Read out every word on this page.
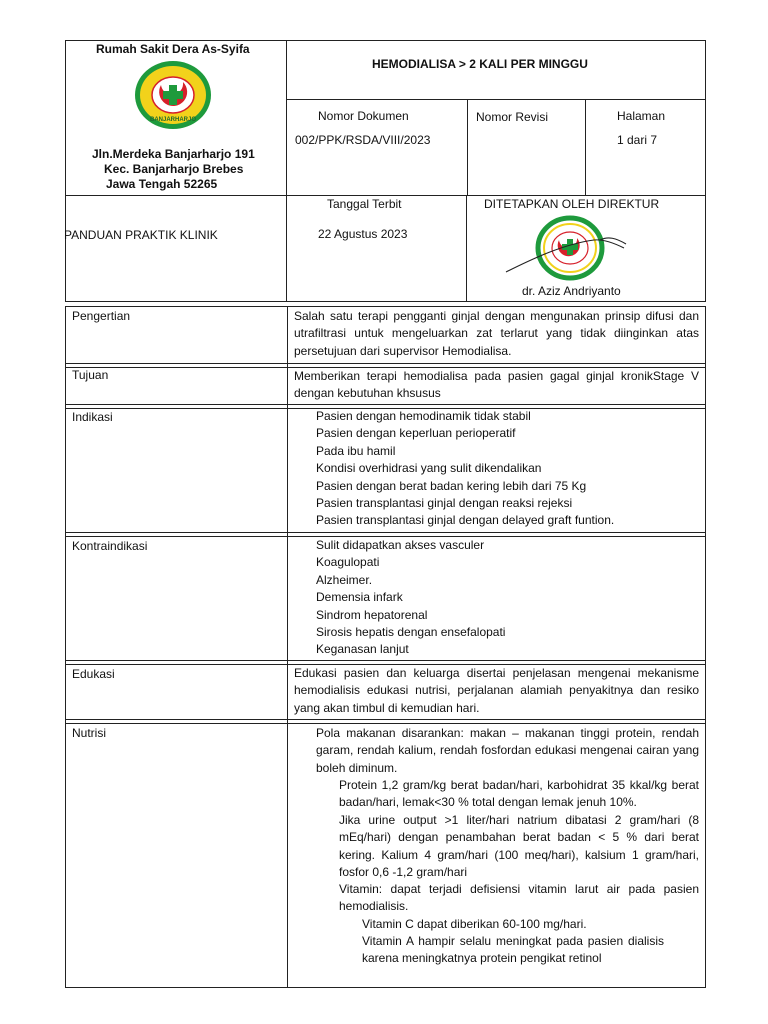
Rumah Sakit Dera As-Syifa
BANJARHARJO
Jln.Merdeka Banjarharjo 191
Kec. Banjarharjo Brebes
Jawa Tengah 52265
HEMODIALISA > 2 KALI PER MINGGU
Nomor Dokumen
002/PPK/RSDA/VIII/2023
Nomor Revisi	Halaman
1 dari 7
PANDUAN PRAKTIK KLINIK
Tanggal Terbit
22 Agustus 2023
DITETAPKAN OLEH DIREKTUR
dr. Aziz Andriyanto
Pengertian	Salah satu terapi pengganti ginjal dengan mengunakan prinsip difusi dan utrafiltrasi untuk mengeluarkan zat terlarut yang tidak diinginkan atas persetujuan dari supervisor Hemodialisa.
Tujuan	Memberikan terapi hemodialisa pada pasien gagal ginjal kronikStage V dengan kebutuhan khsusus
Indikasi	Pasien dengan hemodinamik tidak stabil
Pasien dengan keperluan perioperatif
Pada ibu hamil
Kondisi overhidrasi yang sulit dikendalikan
Pasien dengan berat badan kering lebih dari 75 Kg
Pasien transplantasi ginjal dengan reaksi rejeksi
Pasien transplantasi ginjal dengan delayed graft funtion.
Kontraindikasi	Sulit didapatkan akses vasculer
Koagulopati
Alzheimer.
Demensia infark
Sindrom hepatorenal
Sirosis hepatis dengan ensefalopati
Keganasan lanjut
Edukasi	Edukasi pasien dan keluarga disertai penjelasan mengenai mekanisme hemodialisis edukasi nutrisi, perjalanan alamiah penyakitnya dan resiko yang akan timbul di kemudian hari.
Nutrisi	Pola makanan disarankan: makan – makanan tinggi protein, rendah garam, rendah kalium, rendah fosfordan edukasi mengenai cairan yang boleh diminum.
Protein 1,2 gram/kg berat badan/hari, karbohidrat 35 kkal/kg berat badan/hari, lemak<30 % total dengan lemak jenuh 10%.
Jika urine output >1 liter/hari natrium dibatasi 2 gram/hari (8 mEq/hari) dengan penambahan berat badan < 5 % dari berat kering. Kalium 4 gram/hari (100 meq/hari), kalsium 1 gram/hari, fosfor 0,6 -1,2 gram/hari
Vitamin: dapat terjadi defisiensi vitamin larut air pada pasien hemodialisis.
Vitamin C dapat diberikan 60-100 mg/hari.
Vitamin A hampir selalu meningkat pada pasien dialisis karena meningkatnya protein pengikat retinol
